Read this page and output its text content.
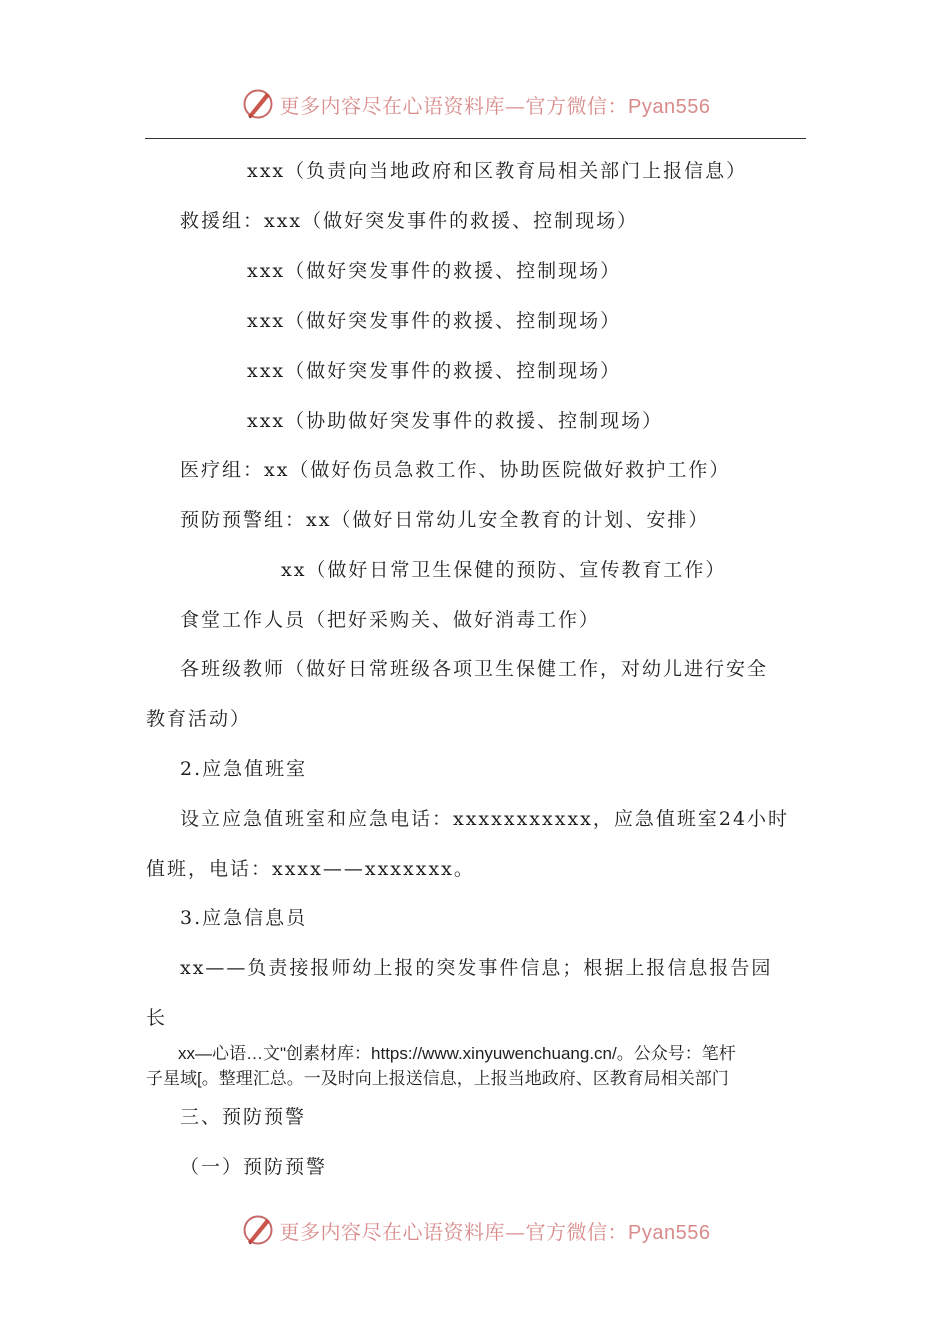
更多内容尽在心语资料库—官方微信：Pyan556
xxx（负责向当地政府和区教育局相关部门上报信息）
救援组：xxx（做好突发事件的救援、控制现场）
xxx（做好突发事件的救援、控制现场）
xxx（做好突发事件的救援、控制现场）
xxx（做好突发事件的救援、控制现场）
xxx（协助做好突发事件的救援、控制现场）
医疗组：xx（做好伤员急救工作、协助医院做好救护工作）
预防预警组：xx（做好日常幼儿安全教育的计划、安排）
xx（做好日常卫生保健的预防、宣传教育工作）
食堂工作人员（把好采购关、做好消毒工作）
各班级教师（做好日常班级各项卫生保健工作，对幼儿进行安全
教育活动）
2.应急值班室
设立应急值班室和应急电话：xxxxxxxxxxx，应急值班室24小时
值班，电话：xxxx——xxxxxxx。
3.应急信息员
xx——负责接报师幼上报的突发事件信息；根据上报信息报告园
长
xx—心语…文"创素材库：https://www.xinyuwenchuang.cn/。公众号：笔杆
子星域[。整理汇总。一及时向上报送信息，上报当地政府、区教育局相关部门
三、预防预警
（一）预防预警
更多内容尽在心语资料库—官方微信：Pyan556
